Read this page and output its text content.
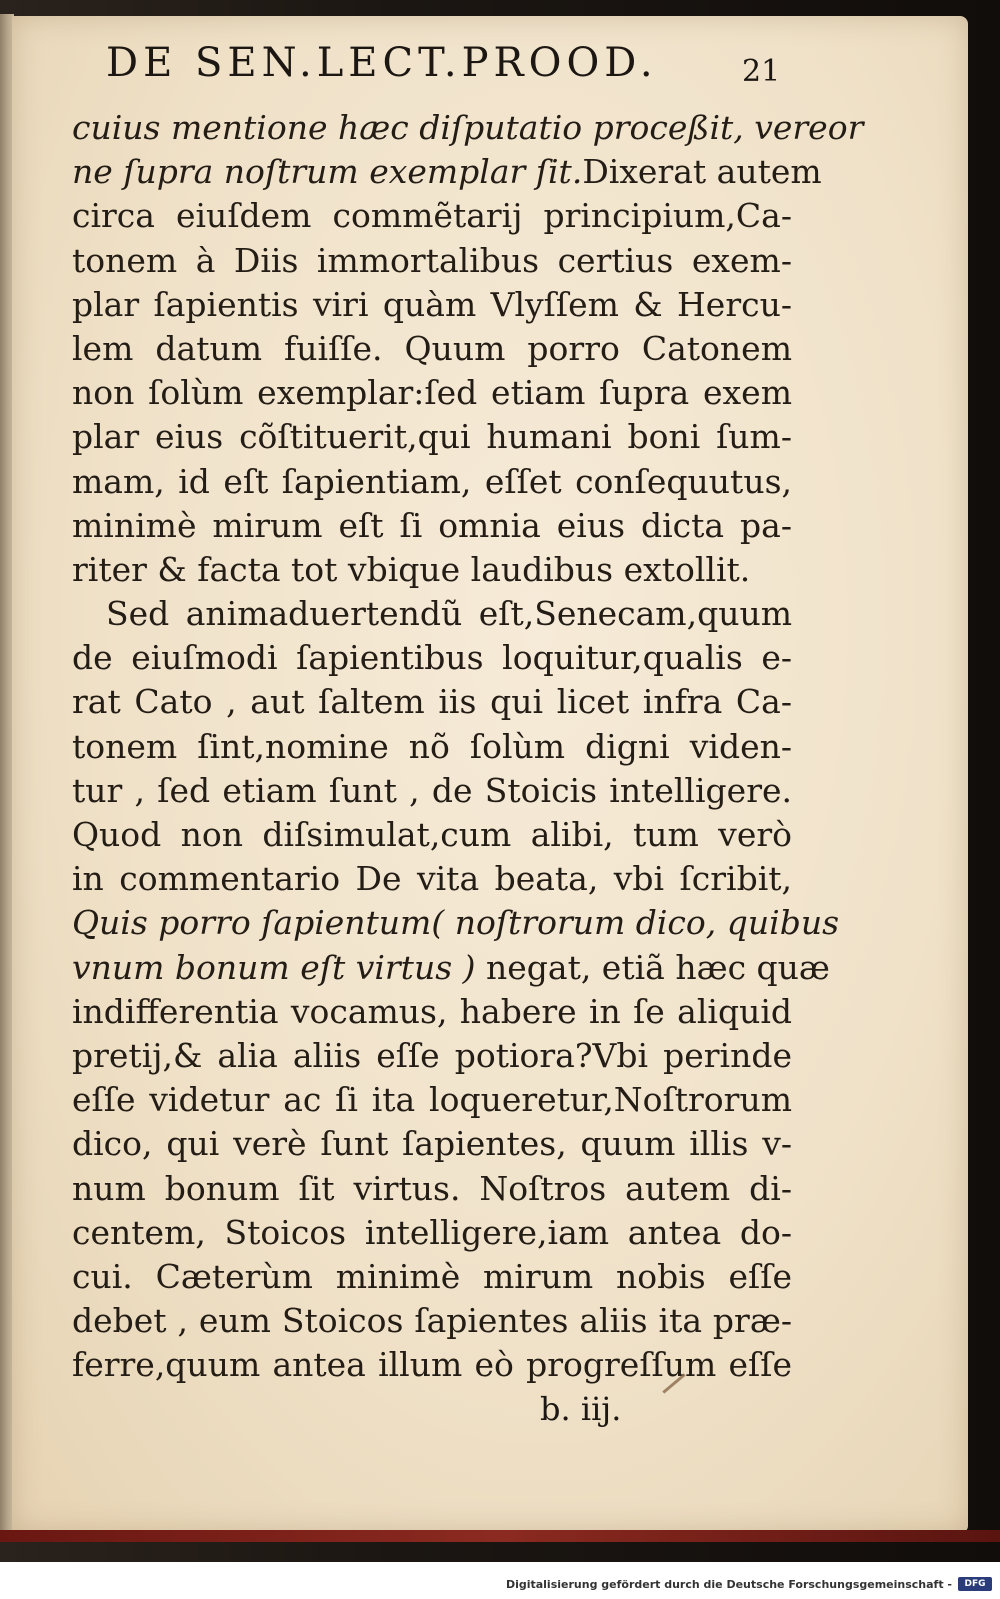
DE SEN.LECT.PROOD.	21
cuius mentione hæc diſputatio proceßit, vereor
ne ſupra noſtrum exemplar ſit.Dixerat autem
circa eiuſdem commẽtarij principium,Ca-
tonem à Diis immortalibus certius exem-
plar ſapientis viri quàm Vlyſſem & Hercu-
lem datum fuiſſe. Quum porro Catonem
non ſolùm exemplar:ſed etiam ſupra exem
plar eius cõſtituerit,qui humani boni ſum-
mam, id eſt ſapientiam, eſſet conſequutus,
minimè mirum eſt ſi omnia eius dicta pa-
riter & facta tot vbique laudibus extollit.
Sed animaduertendũ eſt,Senecam,quum
de eiuſmodi ſapientibus loquitur,qualis e-
rat Cato , aut ſaltem iis qui licet infra Ca-
tonem ſint,nomine nõ ſolùm digni viden-
tur , ſed etiam ſunt , de Stoicis intelligere.
Quod non diſsimulat,cum alibi, tum verò
in commentario De vita beata, vbi ſcribit,
Quis porro ſapientum( noſtrorum dico, quibus
vnum bonum eſt virtus ) negat, etiã hæc quæ
indifferentia vocamus, habere in ſe aliquid
pretij,& alia aliis eſſe potiora?Vbi perinde
eſſe videtur ac ſi ita loqueretur,Noſtrorum
dico, qui verè ſunt ſapientes, quum illis v-
num bonum ſit virtus. Noſtros autem di-
centem, Stoicos intelligere,iam antea do-
cui. Cæterùm minimè mirum nobis eſſe
debet , eum Stoicos ſapientes aliis ita præ-
ferre,quum antea illum eò progreſſum eſſe
b. iij.
Digitalisierung gefördert durch die Deutsche Forschungsgemeinschaft -	DFG
